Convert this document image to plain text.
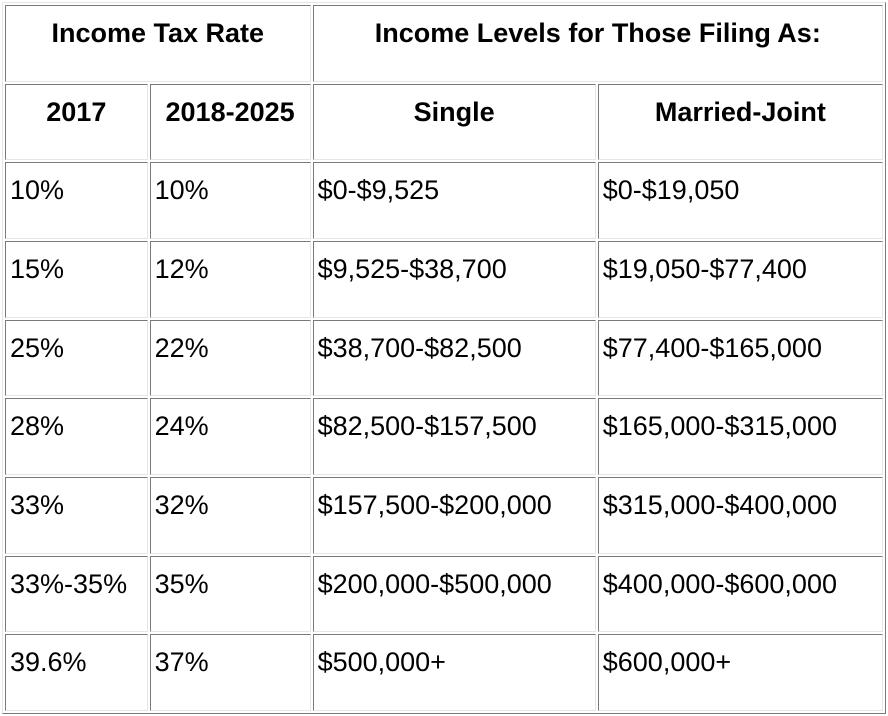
Income Tax Rate		Income Levels for Those Filing As:	
2017	2018-2025	Single	Married-Joint
10%	10%	$0-$9,525	$0-$19,050
15%	12%	$9,525-$38,700	$19,050-$77,400
25%	22%	$38,700-$82,500	$77,400-$165,000
28%	24%	$82,500-$157,500	$165,000-$315,000
33%	32%	$157,500-$200,000	$315,000-$400,000
33%-35%	35%	$200,000-$500,000	$400,000-$600,000
39.6%	37%	$500,000+	$600,000+
